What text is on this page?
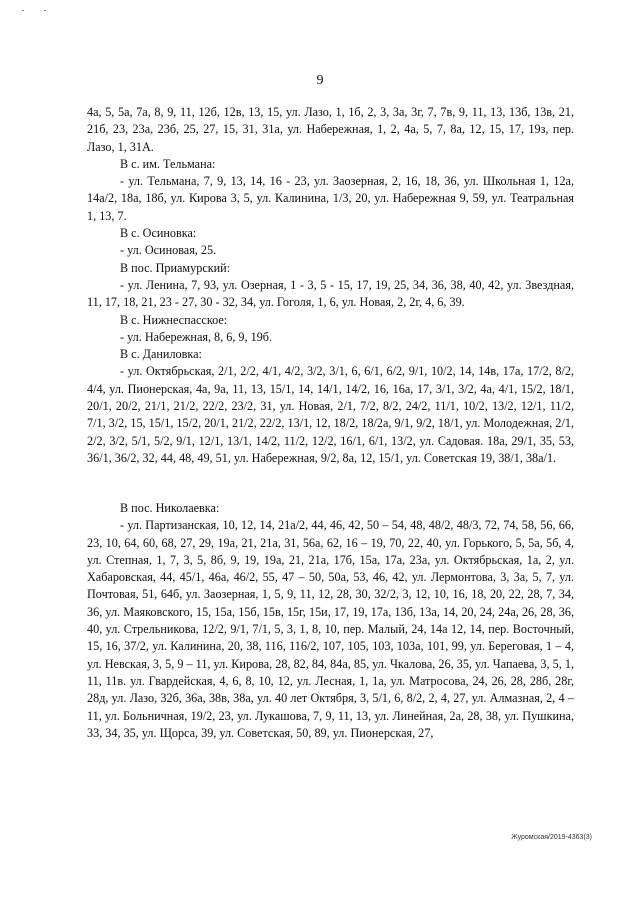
9

4а, 5, 5а, 7а, 8, 9, 11, 12б, 12в, 13, 15, ул. Лазо, 1, 1б, 2, 3, 3а, 3г, 7, 7в, 9, 11, 13, 13б, 13в, 21, 21б, 23, 23а, 23б, 25, 27, 15, 31, 31а, ул. Набережная, 1, 2, 4а, 5, 7, 8а, 12, 15, 17, 19з, пер. Лазо, 1, 31А.

В с. им. Тельмана:

- ул. Тельмана, 7, 9, 13, 14, 16 - 23, ул. Заозерная, 2, 16, 18, 36, ул. Школьная 1, 12а, 14а/2, 18а, 18б, ул. Кирова 3, 5, ул. Калинина, 1/3, 20, ул. Набережная 9, 59, ул. Театральная 1, 13, 7.

В с. Осиновка:

- ул. Осиновая, 25.

В пос. Приамурский:

- ул. Ленина, 7, 93, ул. Озерная, 1 - 3, 5 - 15, 17, 19, 25, 34, 36, 38, 40, 42, ул. Звездная, 11, 17, 18, 21, 23 - 27, 30 - 32, 34, ул. Гоголя, 1, 6, ул. Новая, 2, 2г, 4, 6, 39.

В с. Нижнеспасское:

- ул. Набережная, 8, 6, 9, 19б.

В с. Даниловка:

- ул. Октябрьская, 2/1, 2/2, 4/1, 4/2, 3/2, 3/1, 6, 6/1, 6/2, 9/1, 10/2, 14, 14в, 17а, 17/2, 8/2, 4/4, ул. Пионерская, 4а, 9а, 11, 13, 15/1, 14, 14/1, 14/2, 16, 16а, 17, 3/1, 3/2, 4а, 4/1, 15/2, 18/1, 20/1, 20/2, 21/1, 21/2, 22/2, 23/2, 31, ул. Новая, 2/1, 7/2, 8/2, 24/2, 11/1, 10/2, 13/2, 12/1, 11/2, 7/1, 3/2, 15, 15/1, 15/2, 20/1, 21/2, 22/2, 13/1, 12, 18/2, 18/2а, 9/1, 9/2, 18/1, ул. Молодежная, 2/1, 2/2, 3/2, 5/1, 5/2, 9/1, 12/1, 13/1, 14/2, 11/2, 12/2, 16/1, 6/1, 13/2, ул. Садовая. 18а, 29/1, 35, 53, 36/1, 36/2, 32, 44, 48, 49, 51, ул. Набережная, 9/2, 8а, 12, 15/1, ул. Советская 19, 38/1, 38а/1.

В пос. Николаевка:

- ул. Партизанская, 10, 12, 14, 21а/2, 44, 46, 42, 50 – 54, 48, 48/2, 48/3, 72, 74, 58, 56, 66, 23, 10, 64, 60, 68, 27, 29, 19а, 21, 21а, 31, 56а, 62, 16 – 19, 70, 22, 40, ул. Горького, 5, 5а, 5б, 4, ул. Степная, 1, 7, 3, 5, 8б, 9, 19, 19а, 21, 21а, 17б, 15а, 17а, 23а, ул. Октябрьская, 1а, 2, ул. Хабаровская, 44, 45/1, 46а, 46/2, 55, 47 – 50, 50а, 53, 46, 42, ул. Лермонтова, 3, 3а, 5, 7, ул. Почтовая, 51, 64б, ул. Заозерная, 1, 5, 9, 11, 12, 28, 30, 32/2, 3, 12, 10, 16, 18, 20, 22, 28, 7, 34, 36, ул. Маяковского, 15, 15а, 15б, 15в, 15г, 15и, 17, 19, 17а, 13б, 13а, 14, 20, 24, 24а, 26, 28, 36, 40, ул. Стрельникова, 12/2, 9/1, 7/1, 5, 3, 1, 8, 10, пер. Малый, 24, 14а 12, 14, пер. Восточный, 15, 16, 37/2, ул. Калинина, 20, 38, 116, 116/2, 107, 105, 103, 103а, 101, 99, ул. Береговая, 1 – 4, ул. Невская, 3, 5, 9 – 11, ул. Кирова, 28, 82, 84, 84а, 85, ул. Чкалова, 26, 35, ул. Чапаева, 3, 5, 1, 11, 11в. ул. Гвардейская, 4, 6, 8, 10, 12, ул. Лесная, 1, 1а, ул. Матросова, 24, 26, 28, 28б, 28г, 28д, ул. Лазо, 32б, 36а, 38в, 38а, ул. 40 лет Октября, 3, 5/1, 6, 8/2, 2, 4, 27, ул. Алмазная, 2, 4 – 11, ул. Больничная, 19/2, 23, ул. Лукашова, 7, 9, 11, 13, ул. Линейная, 2а, 28, 38, ул. Пушкина, 33, 34, 35, ул. Щорса, 39, ул. Советская, 50, 89, ул. Пионерская, 27,

Журомская/2019-4363(3)
